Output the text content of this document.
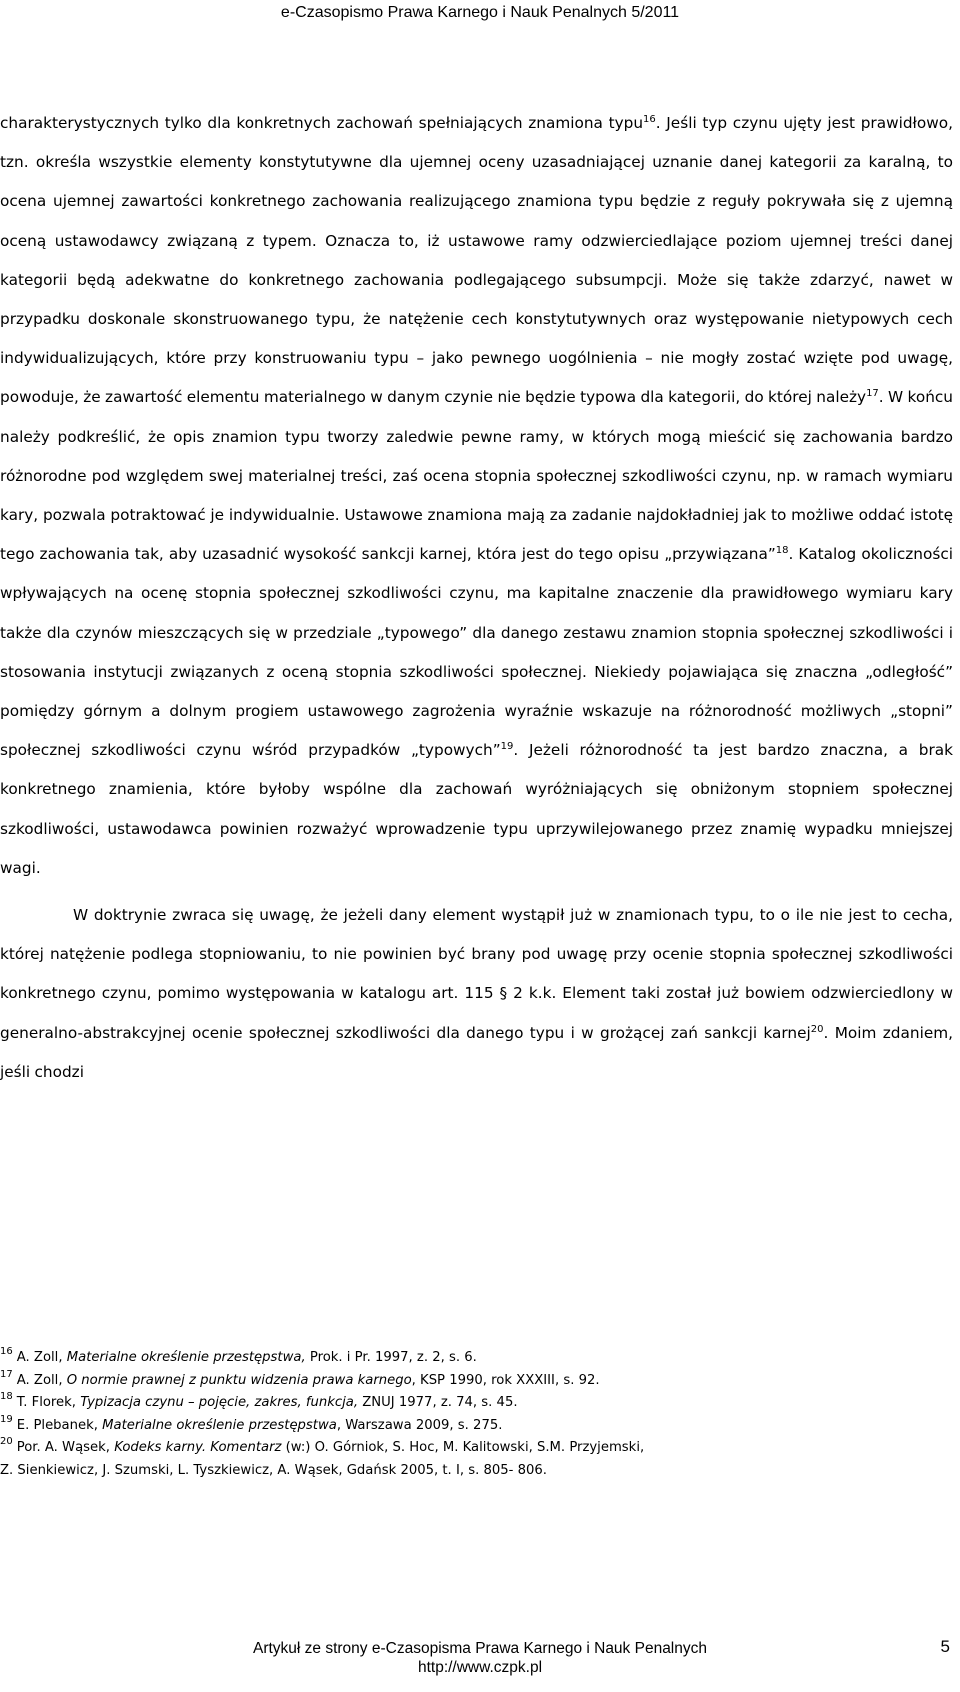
e-Czasopismo Prawa Karnego i Nauk Penalnych 5/2011

charakterystycznych tylko dla konkretnych zachowań spełniających znamiona typu$^{16}$. Jeśli typ czynu ujęty jest prawidłowo, tzn. określa wszystkie elementy konstytutywne dla ujemnej oceny uzasadniającej uznanie danej kategorii za karalną, to ocena ujemnej zawartości konkretnego zachowania realizującego znamiona typu będzie z reguły pokrywała się z ujemną oceną ustawodawcy związaną z typem. Oznacza to, iż ustawowe ramy odzwierciedlające poziom ujemnej treści danej kategorii będą adekwatne do konkretnego zachowania podlegającego subsumpcji. Może się także zdarzyć, nawet w przypadku doskonale skonstruowanego typu, że natężenie cech konstytutywnych oraz występowanie nietypowych cech indywidualizujących, które przy konstruowaniu typu – jako pewnego uogólnienia – nie mogły zostać wzięte pod uwagę, powoduje, że zawartość elementu materialnego w danym czynie nie będzie typowa dla kategorii, do której należy$^{17}$. W końcu należy podkreślić, że opis znamion typu tworzy zaledwie pewne ramy, w których mogą mieścić się zachowania bardzo różnorodne pod względem swej materialnej treści, zaś ocena stopnia społecznej szkodliwości czynu, np. w ramach wymiaru kary, pozwala potraktować je indywidualnie. Ustawowe znamiona mają za zadanie najdokładniej jak to możliwe oddać istotę tego zachowania tak, aby uzasadnić wysokość sankcji karnej, która jest do tego opisu „przywiązana”$^{18}$. Katalog okoliczności wpływających na ocenę stopnia społecznej szkodliwości czynu, ma kapitalne znaczenie dla prawidłowego wymiaru kary także dla czynów mieszczących się w przedziale „typowego” dla danego zestawu znamion stopnia społecznej szkodliwości i stosowania instytucji związanych z oceną stopnia szkodliwości społecznej. Niekiedy pojawiająca się znaczna „odległość” pomiędzy górnym a dolnym progiem ustawowego zagrożenia wyraźnie wskazuje na różnorodność możliwych „stopni” społecznej szkodliwości czynu wśród przypadków „typowych”$^{19}$. Jeżeli różnorodność ta jest bardzo znaczna, a brak konkretnego znamienia, które byłoby wspólne dla zachowań wyróżniających się obniżonym stopniem społecznej szkodliwości, ustawodawca powinien rozważyć wprowadzenie typu uprzywilejowanego przez znamię wypadku mniejszej wagi.

W doktrynie zwraca się uwagę, że jeżeli dany element wystąpił już w znamionach typu, to o ile nie jest to cecha, której natężenie podlega stopniowaniu, to nie powinien być brany pod uwagę przy ocenie stopnia społecznej szkodliwości konkretnego czynu, pomimo występowania w katalogu art. 115 § 2 k.k. Element taki został już bowiem odzwierciedlony w generalno-abstrakcyjnej ocenie społecznej szkodliwości dla danego typu i w grożącej zań sankcji karnej$^{20}$. Moim zdaniem, jeśli chodzi

$^{16}$ A. Zoll, Materialne określenie przestępstwa, Prok. i Pr. 1997, z. 2, s. 6.

$^{17}$ A. Zoll, O normie prawnej z punktu widzenia prawa karnego, KSP 1990, rok XXXIII, s. 92.

$^{18}$ T. Florek, Typizacja czynu – pojęcie, zakres, funkcja, ZNUJ 1977, z. 74, s. 45.

$^{19}$ E. Plebanek, Materialne określenie przestępstwa, Warszawa 2009, s. 275.

$^{20}$ Por. A. Wąsek, Kodeks karny. Komentarz (w:) O. Górniok, S. Hoc, M. Kalitowski, S.M. Przyjemski,
Z. Sienkiewicz, J. Szumski, L. Tyszkiewicz, A. Wąsek, Gdańsk 2005, t. I, s. 805- 806.

Artykuł ze strony e-Czasopisma Prawa Karnego i Nauk Penalnych
http://www.czpk.pl
5
